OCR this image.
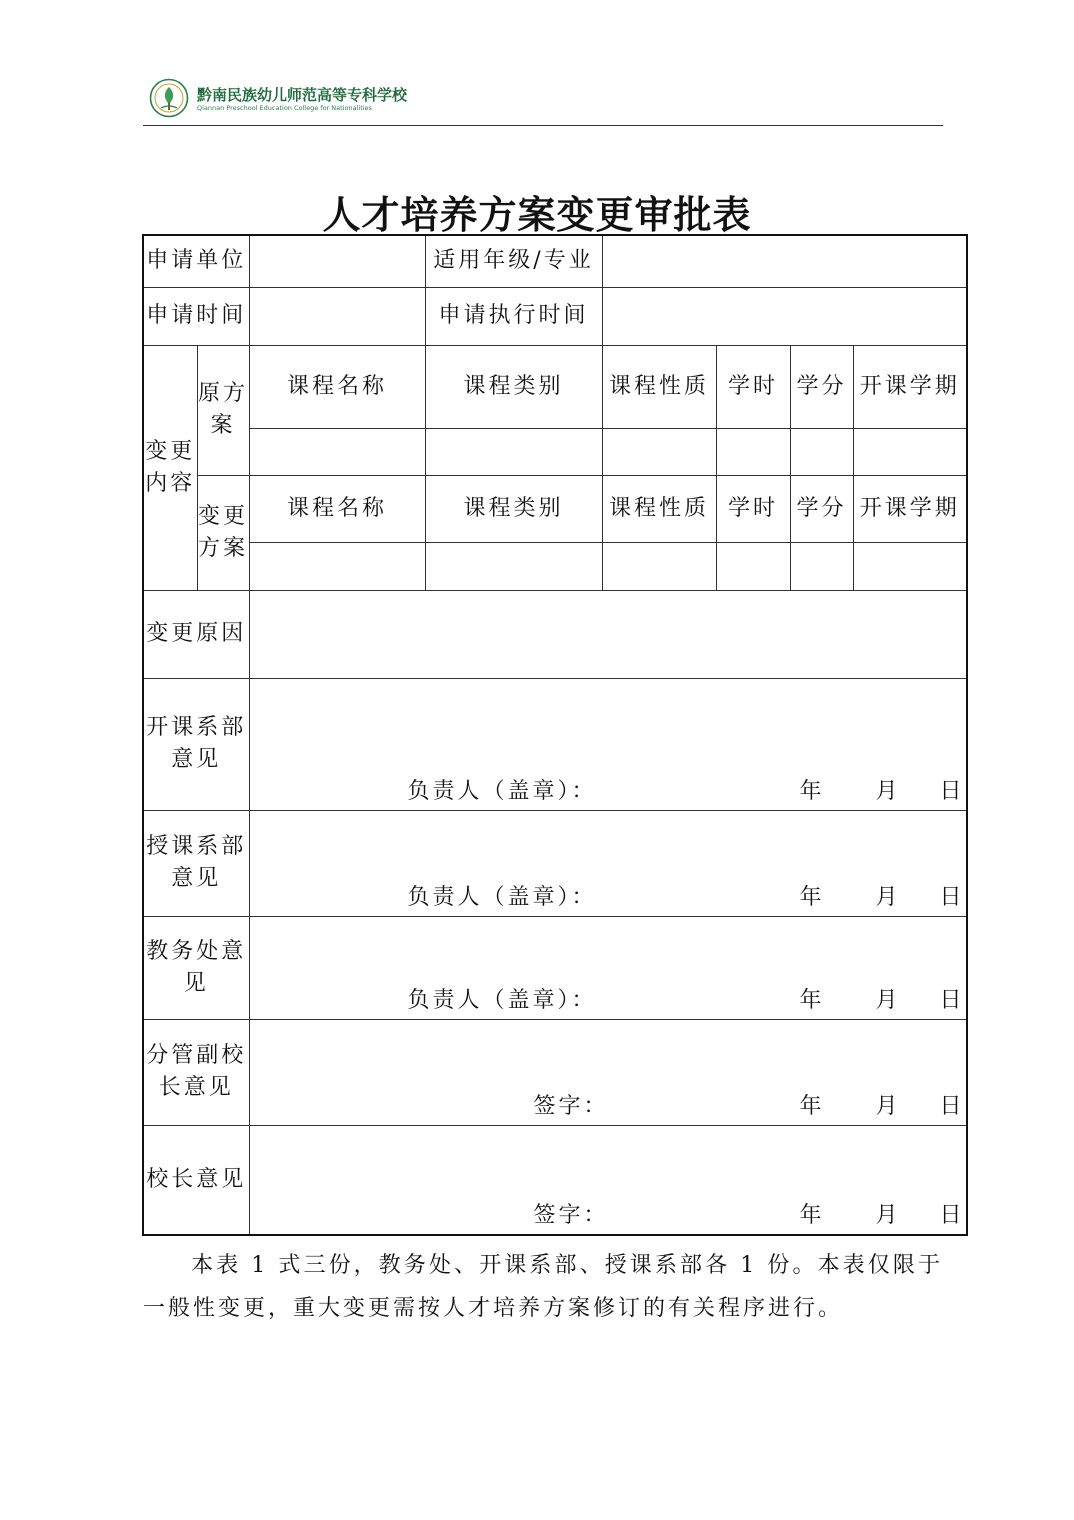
黔南民族幼儿师范高等专科学校
Qiannan Preschool Education College for Nationalities
人才培养方案变更审批表
申请单位			适用年级/专业				
申请时间			申请执行时间				
变更内容	原方案	课程名称	课程类别	课程性质	学时	学分	开课学期

	变更方案	课程名称	课程类别	课程性质	学时	学分	开课学期

变更原因							
开课系部意见		负责人（盖章）： 年 月 日					

授课系部意见		负责人（盖章）： 年 月 日					

教务处意见		负责人（盖章）： 年 月 日					

分管副校长意见		签字： 年 月 日					

校长意见		签字： 年 月 日					
本表 1 式三份，教务处、开课系部、授课系部各 1 份。本表仅限于一般性变更，重大变更需按人才培养方案修订的有关程序进行。
